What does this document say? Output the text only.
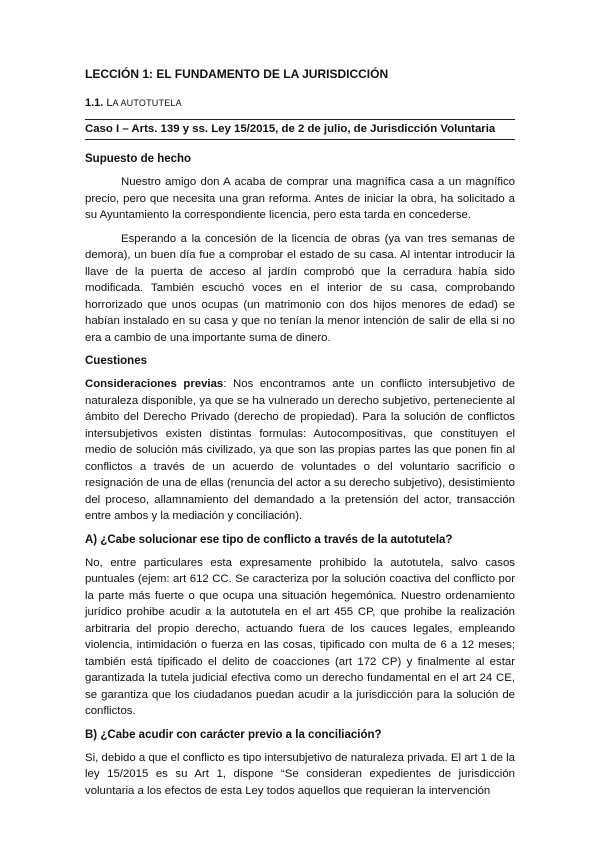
LECCIÓN 1: EL FUNDAMENTO DE LA JURISDICCIÓN

1.1. LA AUTOTUTELA

Caso I – Arts. 139 y ss. Ley 15/2015, de 2 de julio, de Jurisdicción Voluntaria

Supuesto de hecho

Nuestro amigo don A acaba de comprar una magnífica casa a un magnífico precio, pero que necesita una gran reforma. Antes de iniciar la obra, ha solicitado a su Ayuntamiento la correspondiente licencia, pero esta tarda en concederse.

Esperando a la concesión de la licencia de obras (ya van tres semanas de demora), un buen día fue a comprobar el estado de su casa. Al intentar introducir la llave de la puerta de acceso al jardín comprobó que la cerradura había sido modificada. También escuchó voces en el interior de su casa, comprobando horrorizado que unos ocupas (un matrimonio con dos hijos menores de edad) se habían instalado en su casa y que no tenían la menor intención de salir de ella si no era a cambio de una importante suma de dinero.

Cuestiones

Consideraciones previas: Nos encontramos ante un conflicto intersubjetivo de naturaleza disponible, ya que se ha vulnerado un derecho subjetivo, perteneciente al ámbito del Derecho Privado (derecho de propiedad). Para la solución de conflictos intersubjetivos existen distintas formulas: Autocompositivas, que constituyen el medio de solución más civilizado, ya que son las propias partes las que ponen fin al conflictos a través de un acuerdo de voluntades o del voluntario sacrificio o resignación de una de ellas (renuncia del actor a su derecho subjetivo), desistimiento del proceso, allamnamiento del demandado a la pretensión del actor, transacción entre ambos y la mediación y conciliación).

A) ¿Cabe solucionar ese tipo de conflicto a través de la autotutela?

No, entre particulares esta expresamente prohibido la autotutela, salvo casos puntuales (ejem: art 612 CC. Se caracteriza por la solución coactiva del conflicto por la parte más fuerte o que ocupa una situación hegemónica. Nuestro ordenamiento jurídico prohibe acudir a la autotutela en el art 455 CP, que prohibe la realización arbitraria del propio derecho, actuando fuera de los cauces legales, empleando violencia, intimidación o fuerza en las cosas, tipificado con multa de 6 a 12 meses; también está tipificado el delito de coacciones (art 172 CP) y finalmente al estar garantizada la tutela judicial efectiva como un derecho fundamental en el art 24 CE, se garantiza que los ciudadanos puedan acudir a la jurisdicción para la solución de conflictos.

B) ¿Cabe acudir con carácter previo a la conciliación?

Si, debido a que el conflicto es tipo intersubjetivo de naturaleza privada. El art 1 de la ley 15/2015 es su Art 1, dispone “Se consideran expedientes de jurisdicción voluntaria a los efectos de esta Ley todos aquellos que requieran la intervención
